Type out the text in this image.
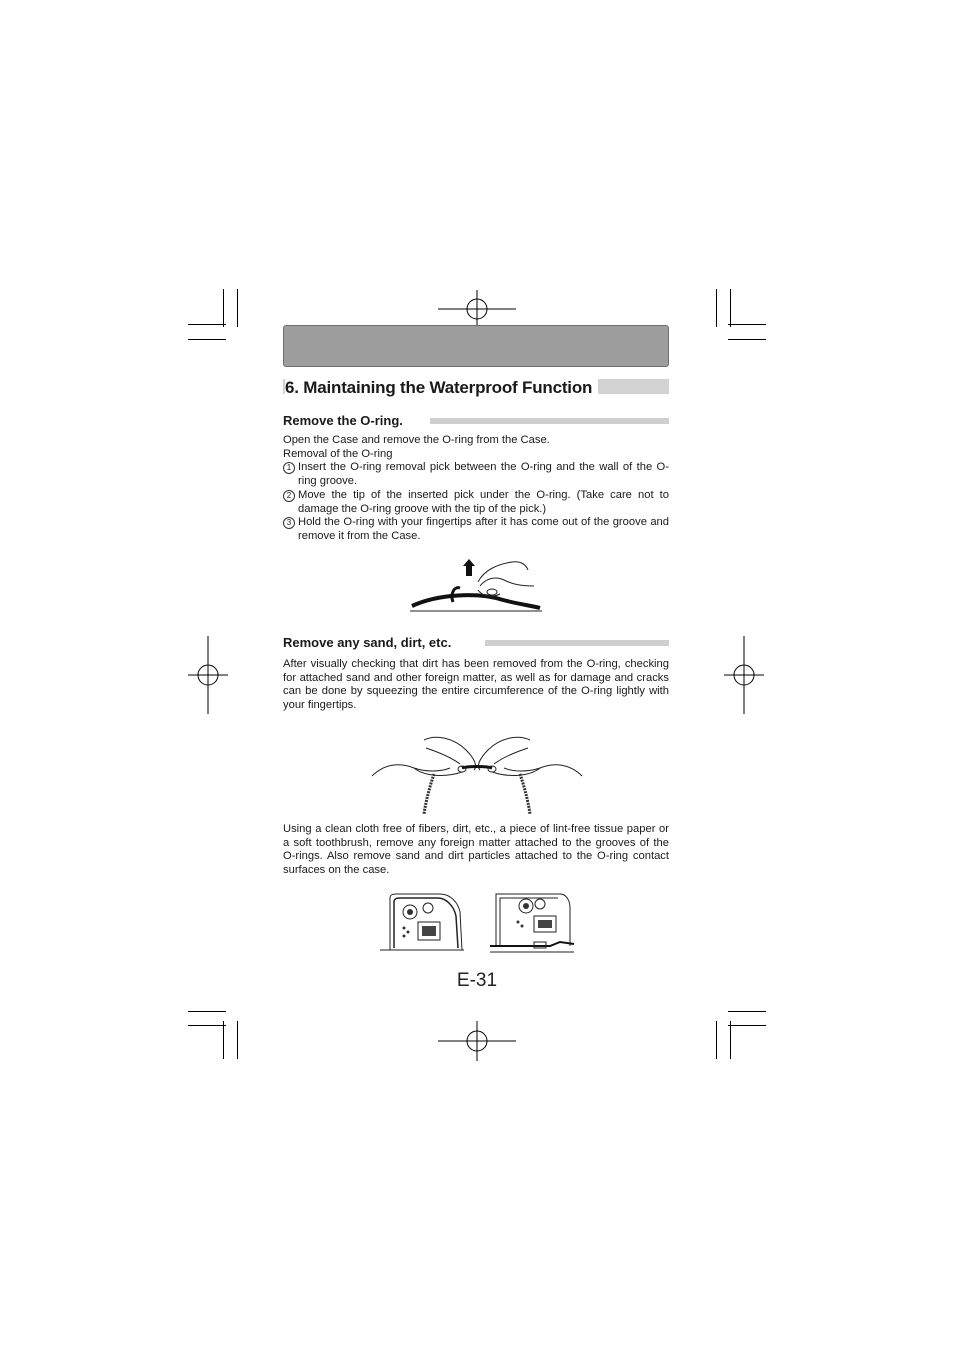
6. Maintaining the Waterproof Function
Remove the O-ring.

Open the Case and remove the O-ring from the Case.

Removal of the O-ring

1 Insert the O-ring removal pick between the O-ring and the wall of the O-ring groove.

2 Move the tip of the inserted pick under the O-ring. (Take care not to damage the O-ring groove with the tip of the pick.)

3 Hold the O-ring with your fingertips after it has come out of the groove and remove it from the Case.

Remove any sand, dirt, etc.

After visually checking that dirt has been removed from the O-ring, checking for attached sand and other foreign matter, as well as for damage and cracks can be done by squeezing the entire circumference of the O-ring lightly with your fingertips.

Using a clean cloth free of fibers, dirt, etc., a piece of lint-free tissue paper or a soft toothbrush, remove any foreign matter attached to the grooves of the O-rings. Also remove sand and dirt particles attached to the O-ring contact surfaces on the case.

E-31
